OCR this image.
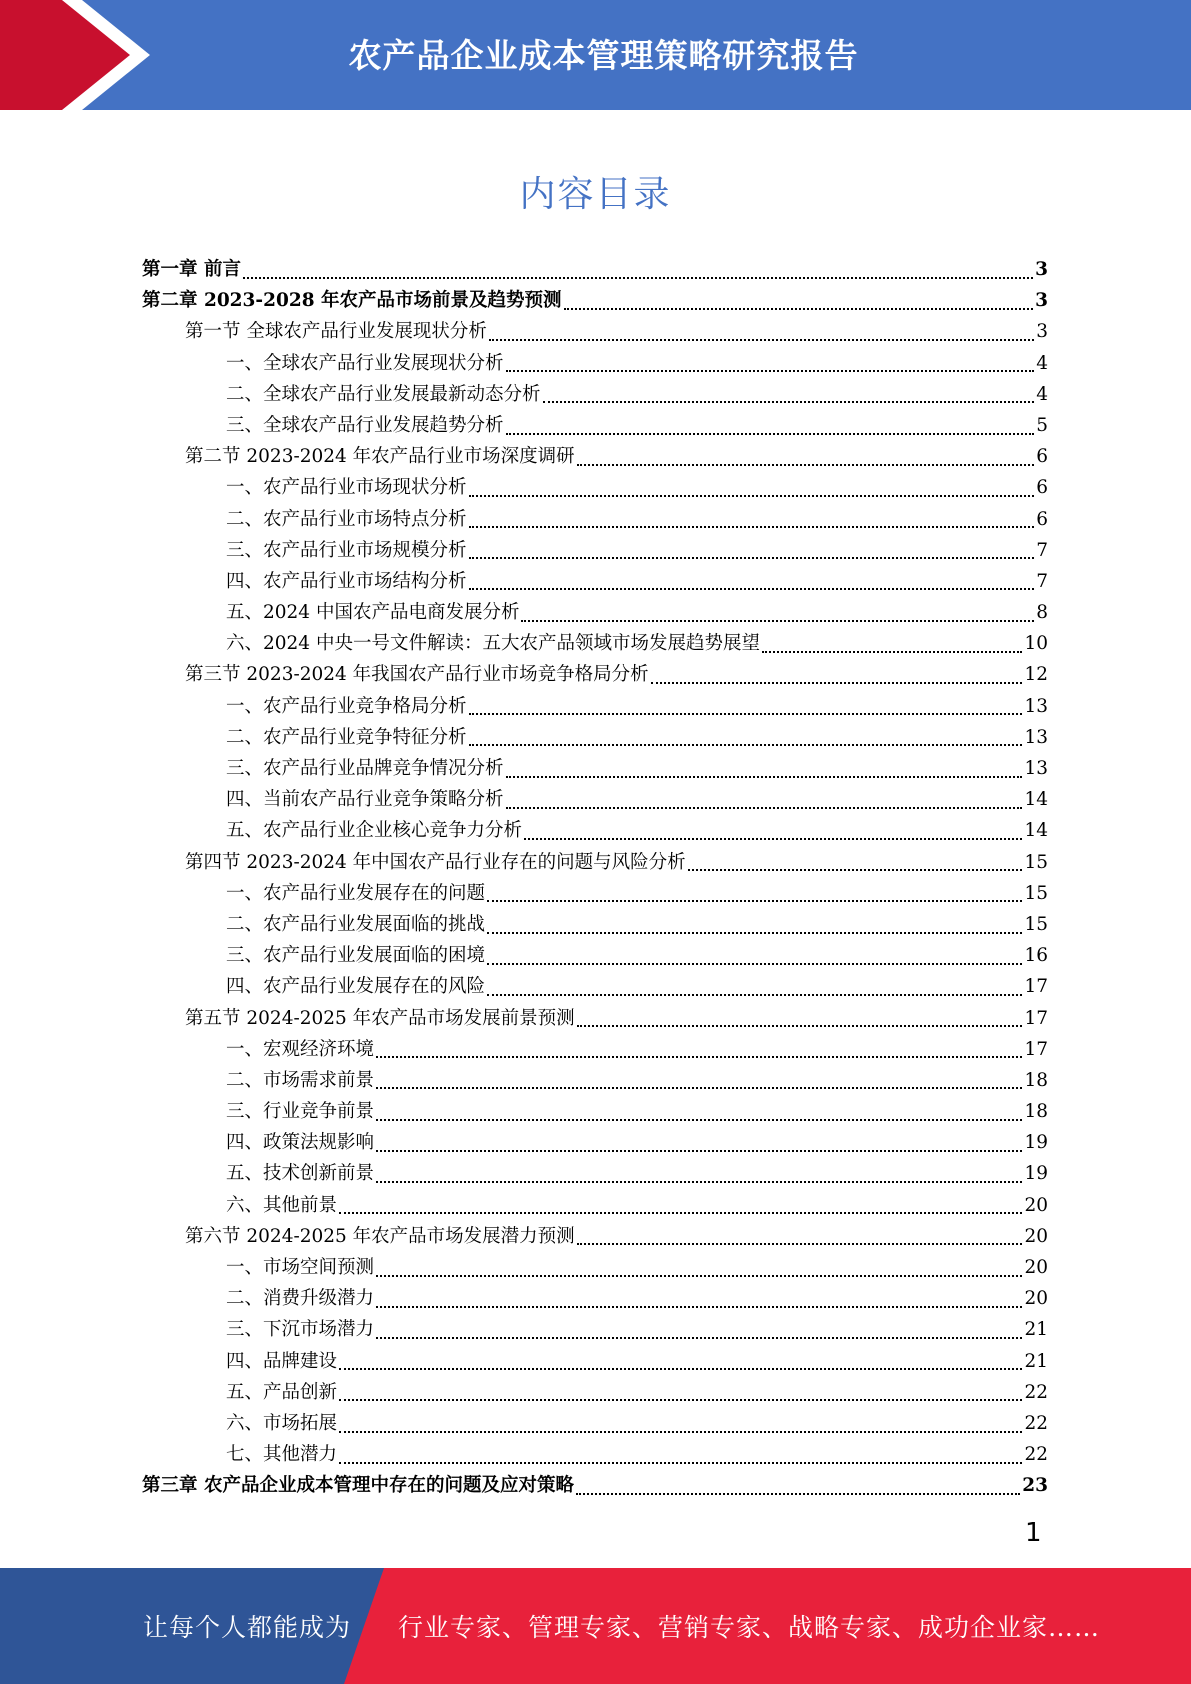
农产品企业成本管理策略研究报告
内容目录
第一章 前言	3
第二章 2023-2028 年农产品市场前景及趋势预测	3
第一节 全球农产品行业发展现状分析	3
一、全球农产品行业发展现状分析	4
二、全球农产品行业发展最新动态分析	4
三、全球农产品行业发展趋势分析	5
第二节 2023-2024 年农产品行业市场深度调研	6
一、农产品行业市场现状分析	6
二、农产品行业市场特点分析	6
三、农产品行业市场规模分析	7
四、农产品行业市场结构分析	7
五、2024 中国农产品电商发展分析	8
六、2024 中央一号文件解读：五大农产品领域市场发展趋势展望	10
第三节 2023-2024 年我国农产品行业市场竞争格局分析	12
一、农产品行业竞争格局分析	13
二、农产品行业竞争特征分析	13
三、农产品行业品牌竞争情况分析	13
四、当前农产品行业竞争策略分析	14
五、农产品行业企业核心竞争力分析	14
第四节 2023-2024 年中国农产品行业存在的问题与风险分析	15
一、农产品行业发展存在的问题	15
二、农产品行业发展面临的挑战	15
三、农产品行业发展面临的困境	16
四、农产品行业发展存在的风险	17
第五节 2024-2025 年农产品市场发展前景预测	17
一、宏观经济环境	17
二、市场需求前景	18
三、行业竞争前景	18
四、政策法规影响	19
五、技术创新前景	19
六、其他前景	20
第六节 2024-2025 年农产品市场发展潜力预测	20
一、市场空间预测	20
二、消费升级潜力	20
三、下沉市场潜力	21
四、品牌建设	21
五、产品创新	22
六、市场拓展	22
七、其他潜力	22
第三章 农产品企业成本管理中存在的问题及应对策略	23
1
让每个人都能成为 行业专家、管理专家、营销专家、战略专家、成功企业家……
